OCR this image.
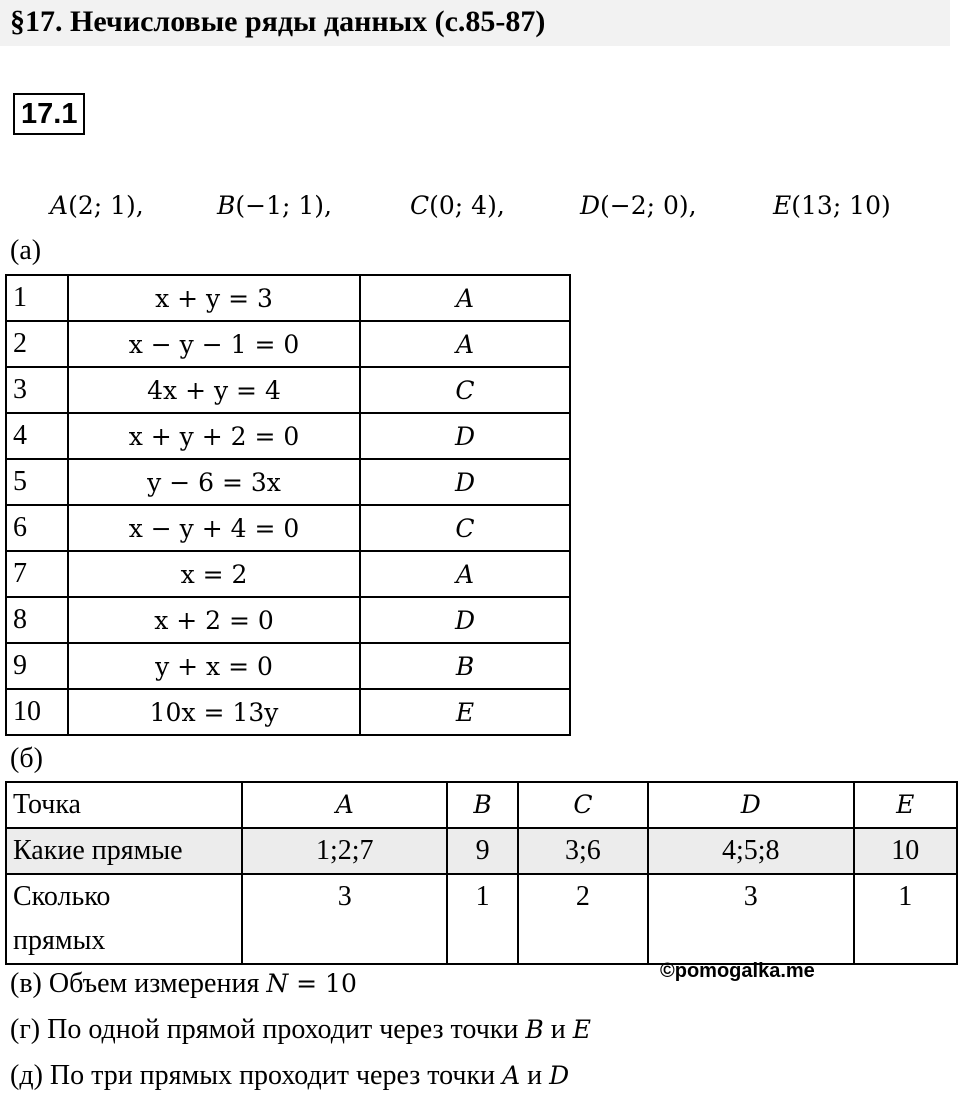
§17. Нечисловые ряды данных (с.85-87)
17.1
A(2; 1),	B(−1; 1),	C(0; 4),	D(−2; 0),	E(13; 10)
(а)
1	x + y = 3	A
2	x − y − 1 = 0	A
3	4x + y = 4	C
4	x + y + 2 = 0	D
5	y − 6 = 3x	D
6	x − y + 4 = 0	C
7	x = 2	A
8	x + 2 = 0	D
9	y + x = 0	B
10	10x = 13y	E
(б)
Точка	A	B	C	D	E
Какие прямые	1;2;7	9	3;6	4;5;8	10
Сколько
прямых	3	1	2	3	1
(в) Объем измерения N = 10	©pomogalka.me
(г) По одной прямой проходит через точки B и E
(д) По три прямых проходит через точки A и D
